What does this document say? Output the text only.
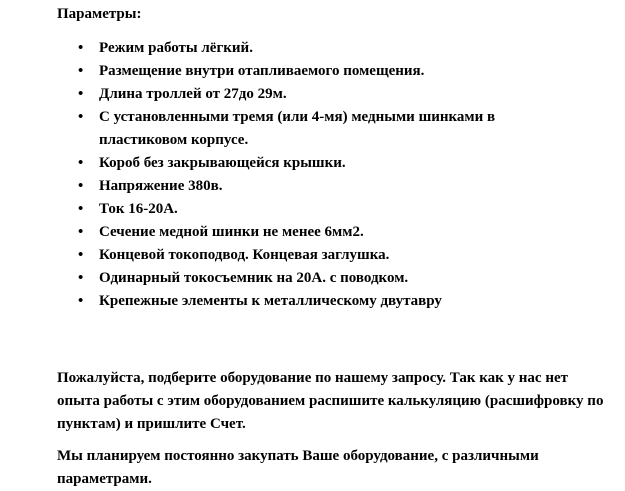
Параметры:

• Режим работы лёгкий.
• Размещение внутри отапливаемого помещения.
• Длина троллей от 27до 29м.
• С установленными тремя (или 4-мя) медными шинками в пластиковом корпусе.
• Короб без закрывающейся крышки.
• Напряжение 380в.
• Ток 16-20А.
• Сечение медной шинки не менее 6мм2.
• Концевой токоподвод. Концевая заглушка.
• Одинарный токосъемник на 20А. с поводком.
• Крепежные элементы к металлическому двутавру

Пожалуйста, подберите оборудование по нашему запросу. Так как у нас нет опыта работы с этим оборудованием распишите калькуляцию (расшифровку по пунктам) и пришлите Счет.

Мы планируем постоянно закупать Ваше оборудование, с различными параметрами.
